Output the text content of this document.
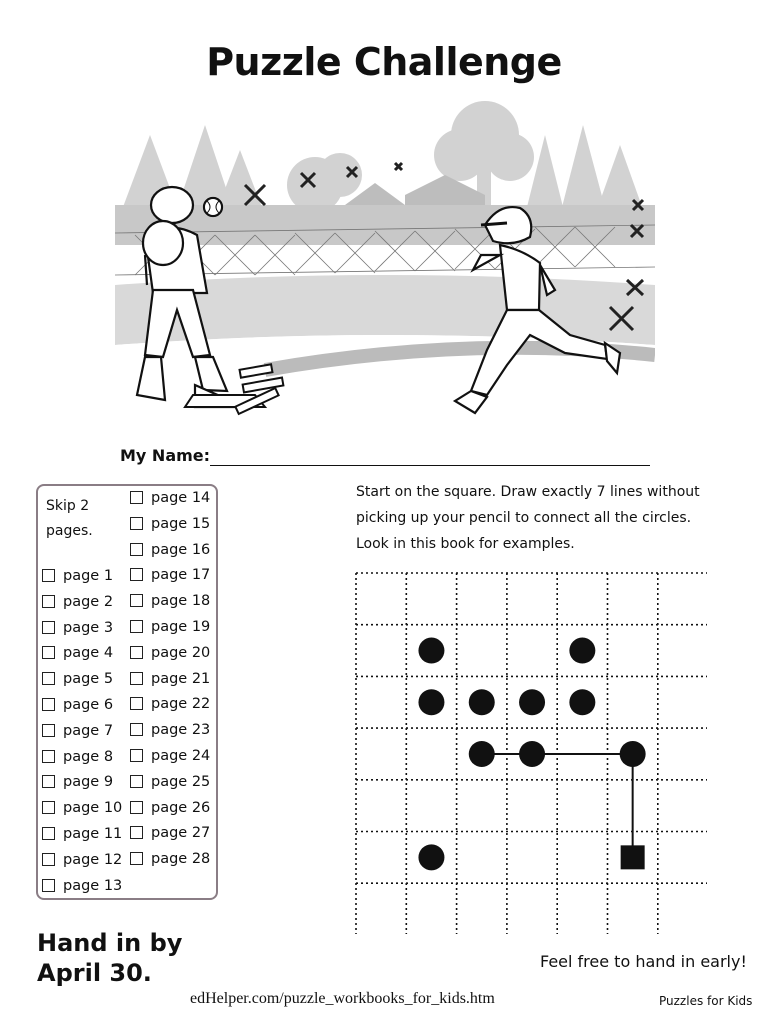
Puzzle Challenge
My Name:
Skip 2
pages.
page 1
page 2
page 3
page 4
page 5
page 6
page 7
page 8
page 9
page 10
page 11
page 12
page 13
page 14
page 15
page 16
page 17
page 18
page 19
page 20
page 21
page 22
page 23
page 24
page 25
page 26
page 27
page 28
Start on the square. Draw exactly 7 lines without
picking up your pencil to connect all the circles.
Look in this book for examples.
Hand in by
April 30.	Feel free to hand in early!
edHelper.com/puzzle_workbooks_for_kids.htm	Puzzles for Kids
